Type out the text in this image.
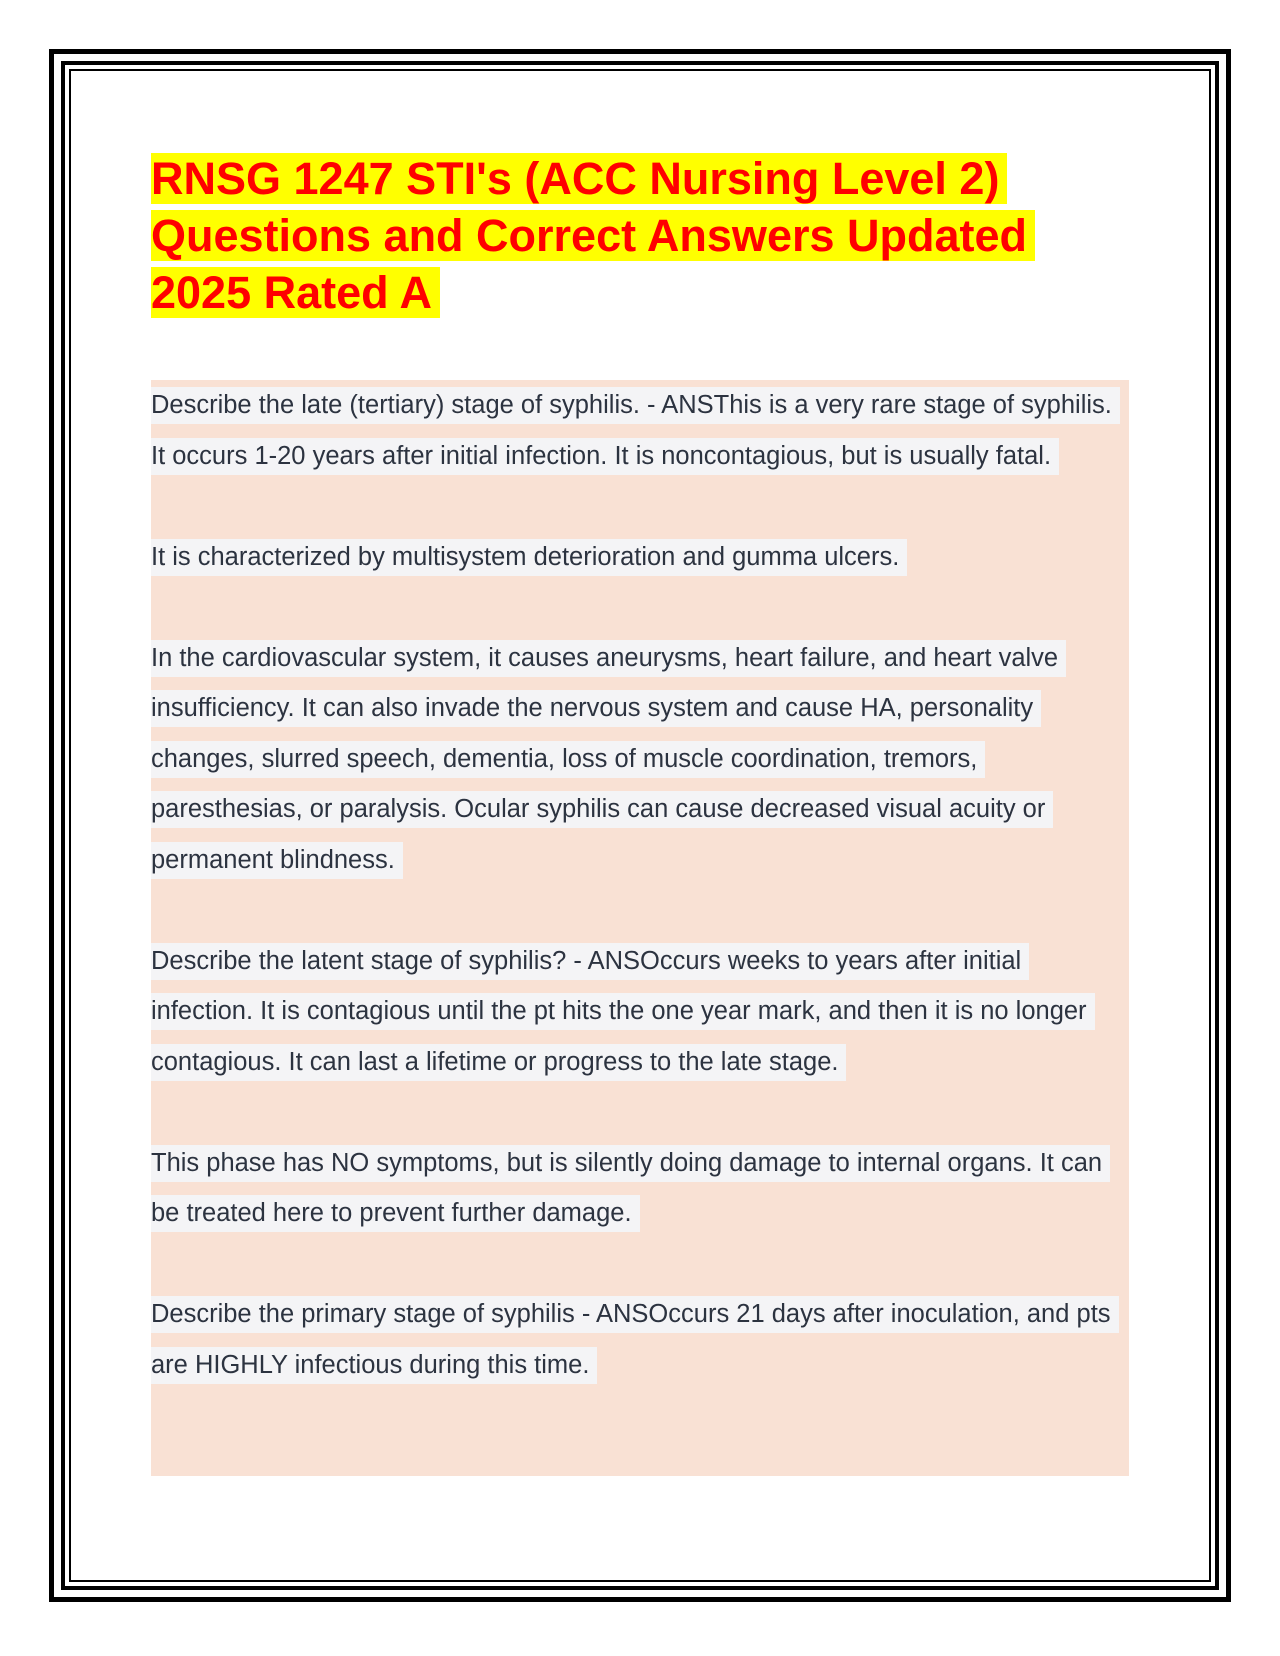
RNSG 1247 STI's (ACC Nursing Level 2) Questions and Correct Answers Updated 2025 Rated A

Describe the late (tertiary) stage of syphilis. - ANSThis is a very rare stage of syphilis. It occurs 1-20 years after initial infection. It is noncontagious, but is usually fatal.

It is characterized by multisystem deterioration and gumma ulcers.

In the cardiovascular system, it causes aneurysms, heart failure, and heart valve insufficiency. It can also invade the nervous system and cause HA, personality changes, slurred speech, dementia, loss of muscle coordination, tremors, paresthesias, or paralysis. Ocular syphilis can cause decreased visual acuity or permanent blindness.

Describe the latent stage of syphilis? - ANSOccurs weeks to years after initial infection. It is contagious until the pt hits the one year mark, and then it is no longer contagious. It can last a lifetime or progress to the late stage.

This phase has NO symptoms, but is silently doing damage to internal organs. It can be treated here to prevent further damage.

Describe the primary stage of syphilis - ANSOccurs 21 days after inoculation, and pts are HIGHLY infectious during this time.
